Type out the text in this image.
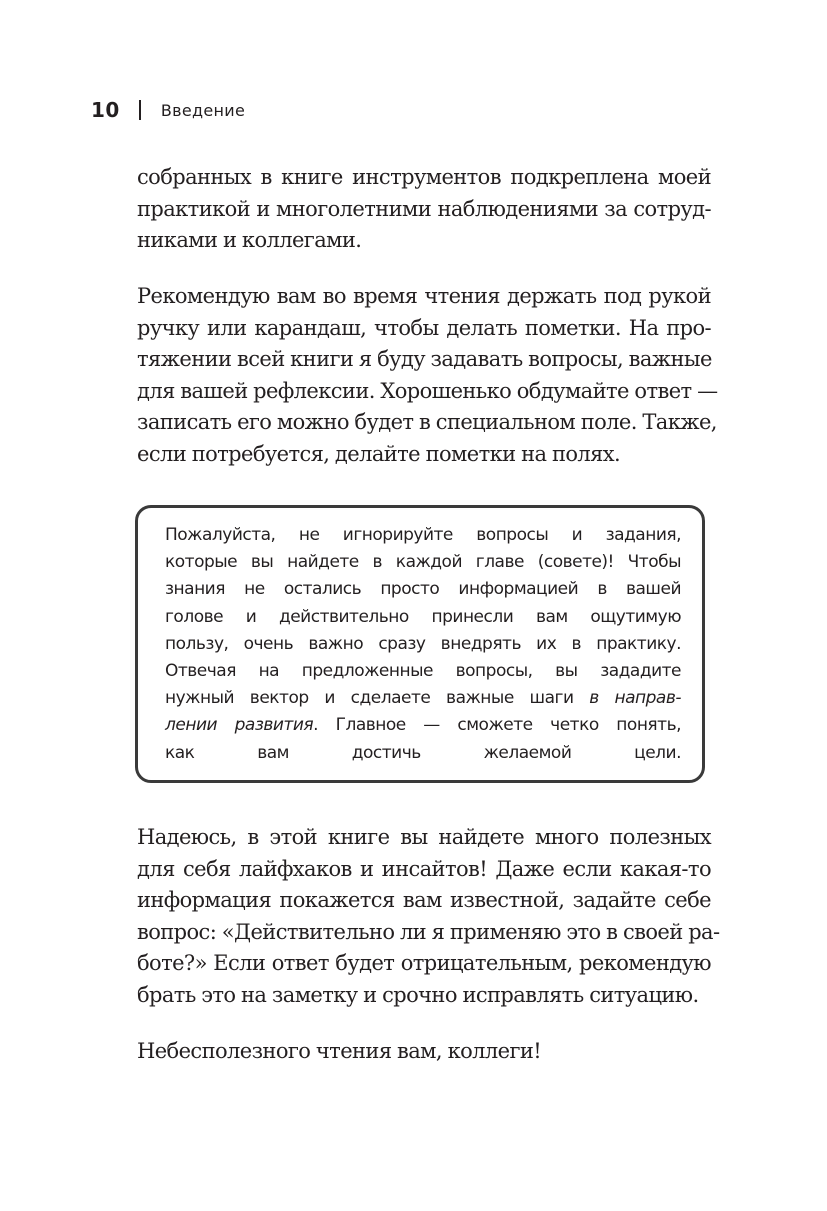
10	Введение

собранных в книге инструментов подкреплена моей
практикой и многолетними наблюдениями за сотруд-
никами и коллегами.

Рекомендую вам во время чтения держать под рукой
ручку или карандаш, чтобы делать пометки. На про-
тяжении всей книги я буду задавать вопросы, важные
для вашей рефлексии. Хорошенько обдумайте ответ —
записать его можно будет в специальном поле. Также,
если потребуется, делайте пометки на полях.

Пожалуйста, не игнорируйте вопросы и задания,
которые вы найдете в каждой главе (совете)! Чтобы
знания не остались просто информацией в вашей
голове и действительно принесли вам ощутимую
пользу, очень важно сразу внедрять их в практику.
Отвечая на предложенные вопросы, вы зададите
нужный вектор и сделаете важные шаги в направ-
лении развития. Главное — сможете четко понять,
как вам достичь желаемой цели.

Надеюсь, в этой книге вы найдете много полезных
для себя лайфхаков и инсайтов! Даже если какая-то
информация покажется вам известной, задайте себе
вопрос: «Действительно ли я применяю это в своей ра-
боте?» Если ответ будет отрицательным, рекомендую
брать это на заметку и срочно исправлять ситуацию.

Небесполезного чтения вам, коллеги!
